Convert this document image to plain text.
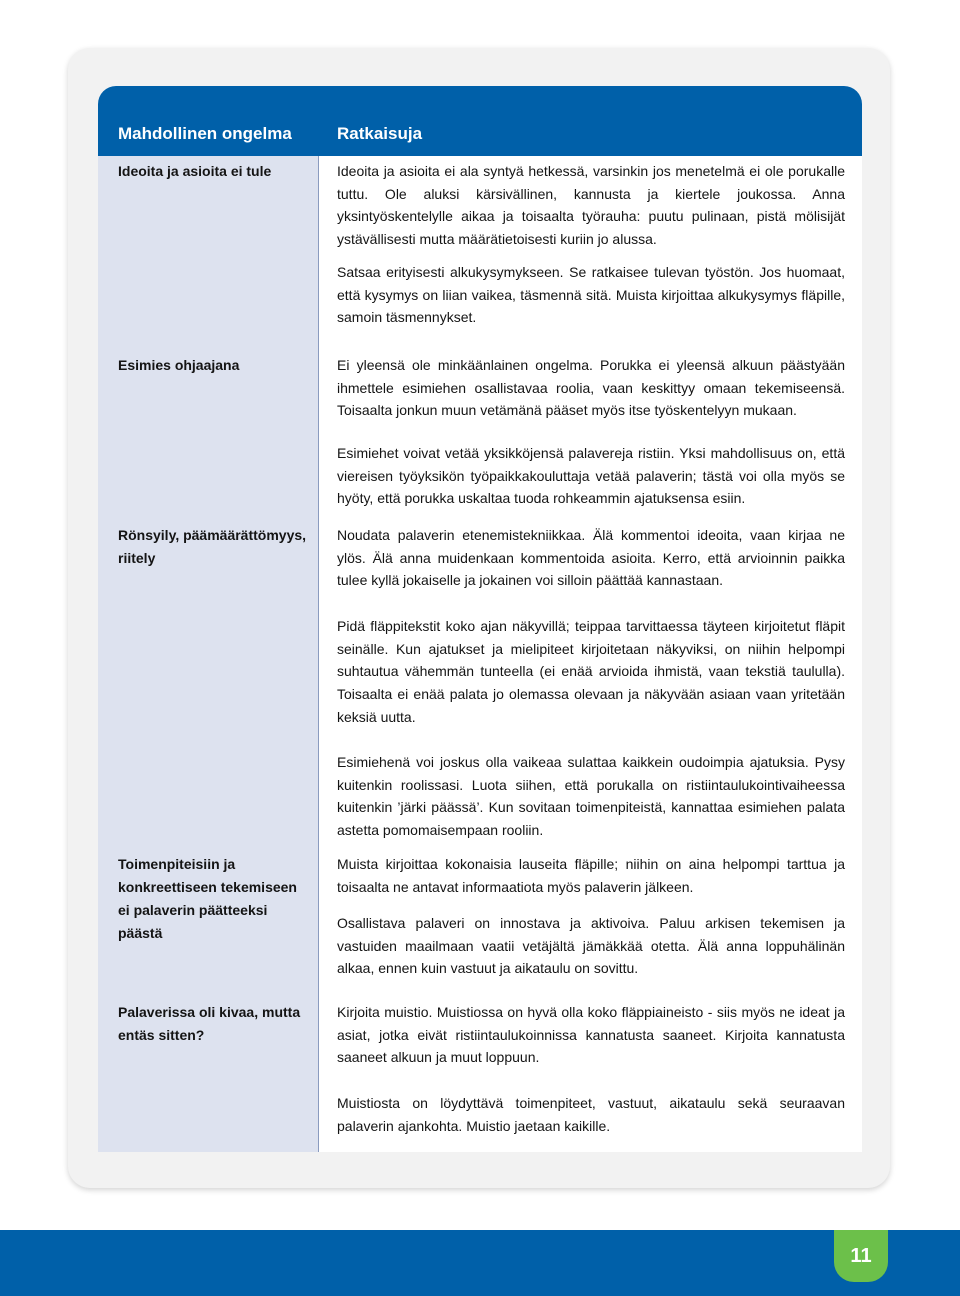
Mahdollinen ongelma	Ratkaisuja
Ideoita ja asioita ei tule
Esimies ohjaajana
Rönsyily, päämäärättömyys, riitely
Toimenpiteisiin ja konkreettiseen tekemiseen ei palaverin päätteeksi päästä
Palaverissa oli kivaa, mutta entäs sitten?
Ideoita ja asioita ei ala syntyä hetkessä, varsinkin jos menetelmä ei ole porukalle tuttu. Ole aluksi kärsivällinen, kannusta ja kiertele joukossa. Anna yksintyöskentelylle aikaa ja toisaalta työrauha: puutu pulinaan, pistä mölisijät ystävällisesti mutta määrätietoisesti kuriin jo alussa.
Satsaa erityisesti alkukysymykseen. Se ratkaisee tulevan työstön. Jos huomaat, että kysymys on liian vaikea, täsmennä sitä. Muista kirjoittaa alkukysymys fläpille, samoin täsmennykset.
Ei yleensä ole minkäänlainen ongelma. Porukka ei yleensä alkuun päästyään ihmettele esimiehen osallistavaa roolia, vaan keskittyy omaan tekemiseensä. Toisaalta jonkun muun vetämänä pääset myös itse työskentelyyn mukaan.
Esimiehet voivat vetää yksikköjensä palavereja ristiin. Yksi mahdollisuus on, että viereisen työyksikön työpaikkakouluttaja vetää palaverin; tästä voi olla myös se hyöty, että porukka uskaltaa tuoda rohkeammin ajatuksensa esiin.
Noudata palaverin etenemistekniikkaa. Älä kommentoi ideoita, vaan kirjaa ne ylös. Älä anna muidenkaan kommentoida asioita. Kerro, että arvioinnin paikka tulee kyllä jokaiselle ja jokainen voi silloin päättää kannastaan.
Pidä fläppitekstit koko ajan näkyvillä; teippaa tarvittaessa täyteen kirjoitetut fläpit seinälle. Kun ajatukset ja mielipiteet kirjoitetaan näkyviksi, on niihin helpompi suhtautua vähemmän tunteella (ei enää arvioida ihmistä, vaan tekstiä taululla). Toisaalta ei enää palata jo olemassa olevaan ja näkyvään asiaan vaan yritetään keksiä uutta.
Esimiehenä voi joskus olla vaikeaa sulattaa kaikkein oudoimpia ajatuksia. Pysy kuitenkin roolissasi. Luota siihen, että porukalla on ristiintaulukointivaiheessa kuitenkin ’järki päässä’. Kun sovitaan toimenpiteistä, kannattaa esimiehen palata astetta pomomaisempaan rooliin.
Muista kirjoittaa kokonaisia lauseita fläpille; niihin on aina helpompi tarttua ja toisaalta ne antavat informaatiota myös palaverin jälkeen.
Osallistava palaveri on innostava ja aktivoiva. Paluu arkisen tekemisen ja vastuiden maailmaan vaatii vetäjältä jämäkkää otetta. Älä anna loppuhälinän alkaa, ennen kuin vastuut ja aikataulu on sovittu.
Kirjoita muistio. Muistiossa on hyvä olla koko fläppiaineisto - siis myös ne ideat ja asiat, jotka eivät ristiintaulukoinnissa kannatusta saaneet. Kirjoita kannatusta saaneet alkuun ja muut loppuun.
Muistiosta on löydyttävä toimenpiteet, vastuut, aikataulu sekä seuraavan palaverin ajankohta. Muistio jaetaan kaikille.
11
